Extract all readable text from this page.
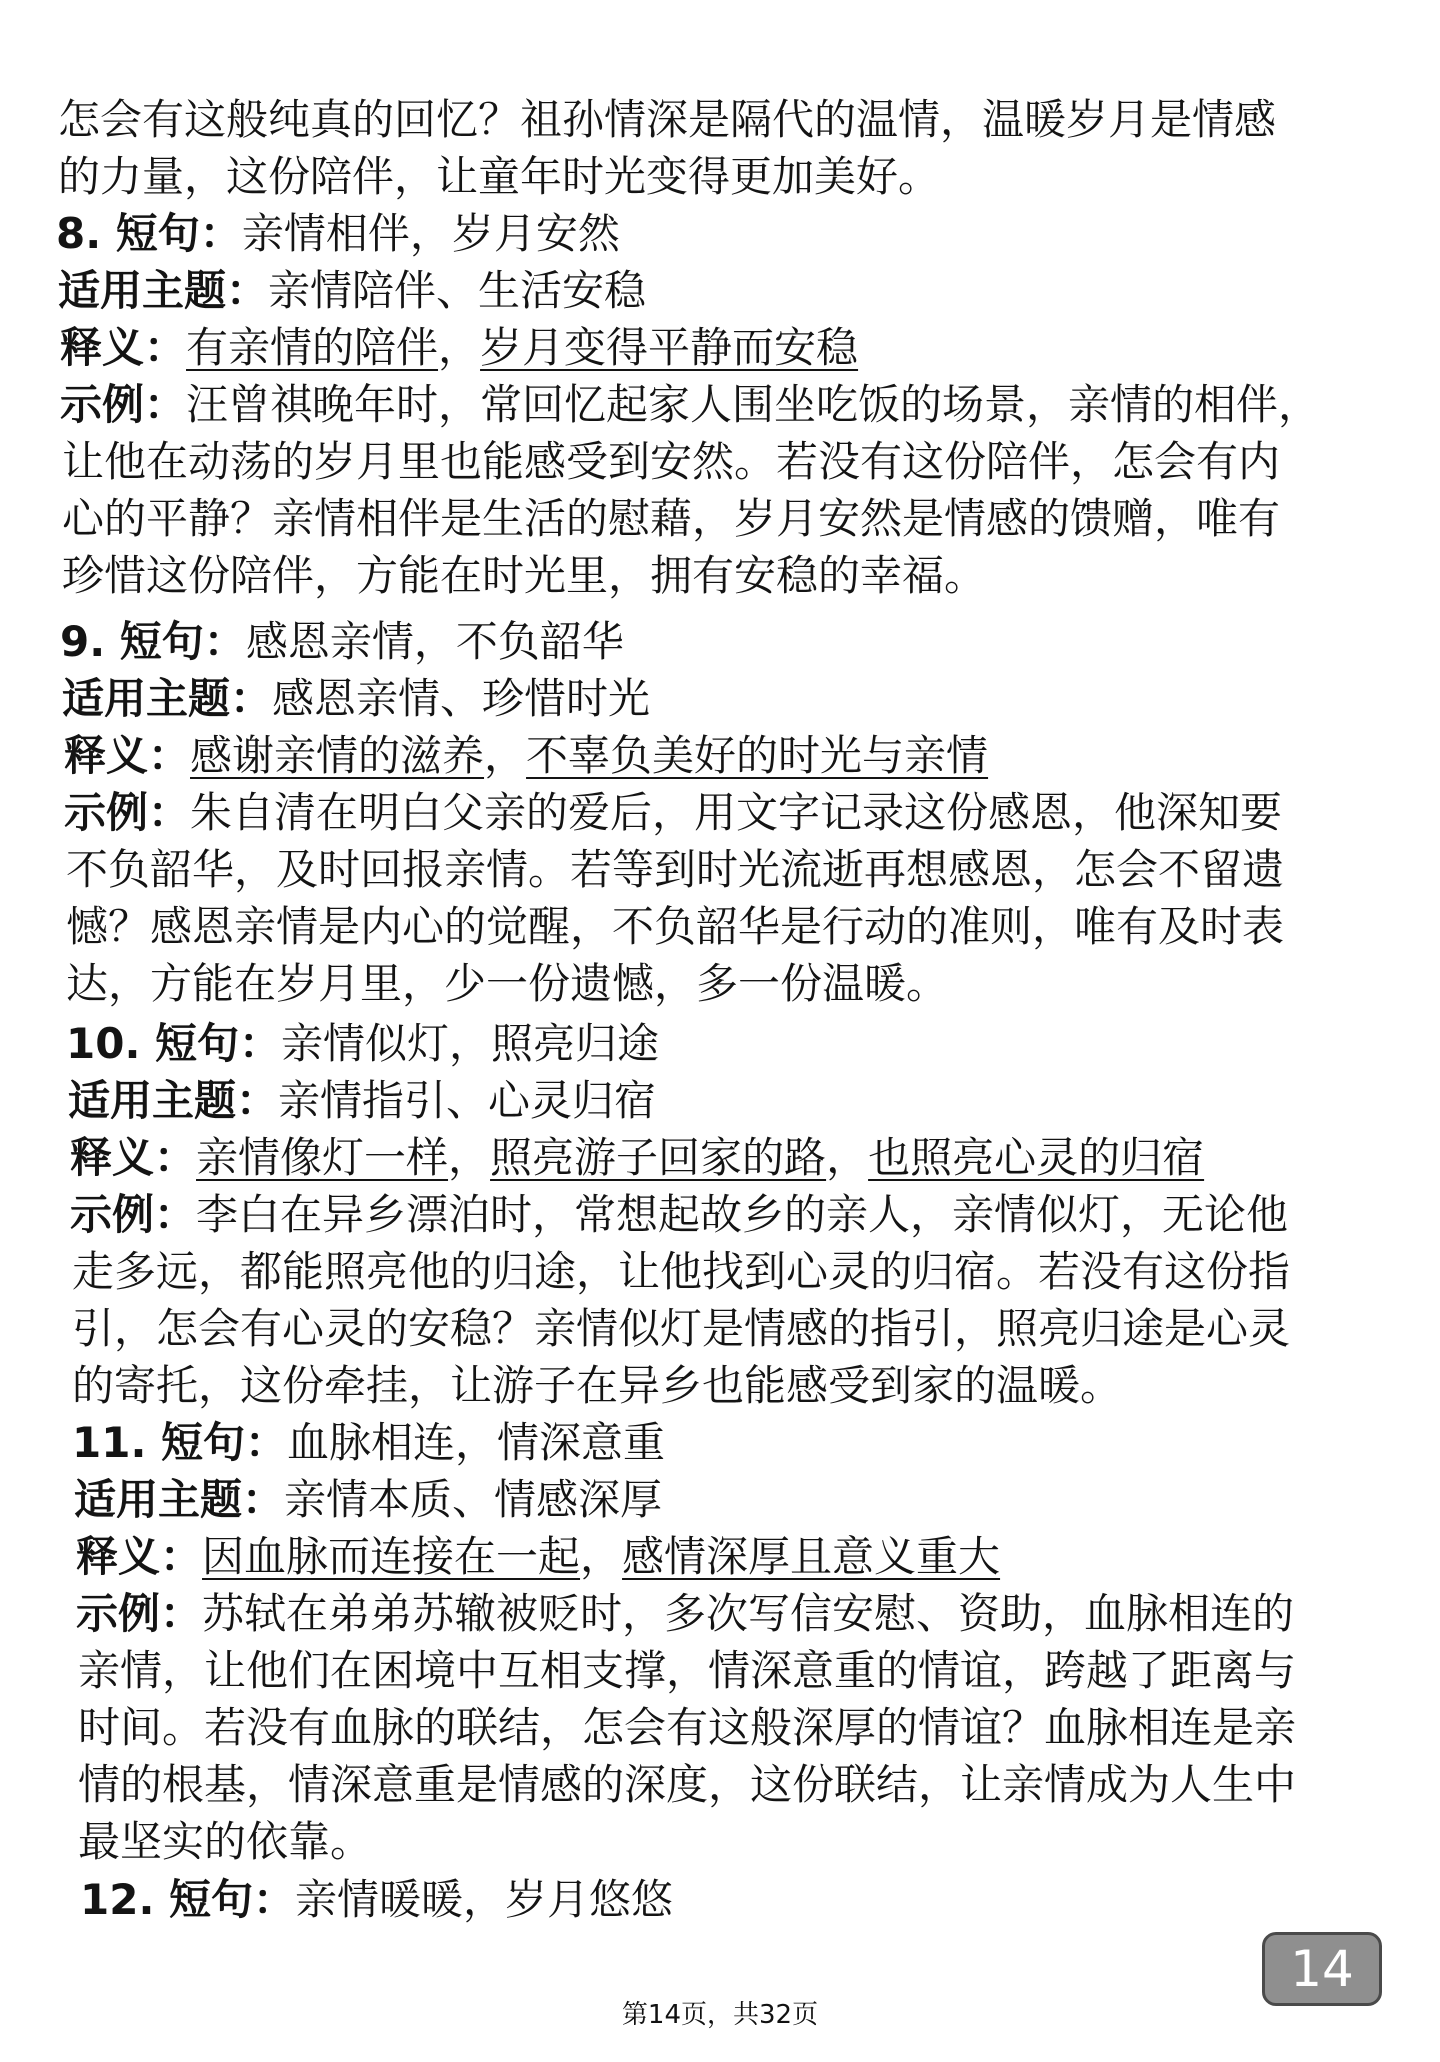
怎会有这般纯真的回忆？祖孙情深是隔代的温情，温暖岁月是情感
的力量，这份陪伴，让童年时光变得更加美好。
8. 短句：亲情相伴，岁月安然
适用主题：亲情陪伴、生活安稳
释义：有亲情的陪伴，岁月变得平静而安稳
示例：汪曾祺晚年时，常回忆起家人围坐吃饭的场景，亲情的相伴，
让他在动荡的岁月里也能感受到安然。若没有这份陪伴，怎会有内
心的平静？亲情相伴是生活的慰藉，岁月安然是情感的馈赠，唯有
珍惜这份陪伴，方能在时光里，拥有安稳的幸福。
9. 短句：感恩亲情，不负韶华
适用主题：感恩亲情、珍惜时光
释义：感谢亲情的滋养，不辜负美好的时光与亲情
示例：朱自清在明白父亲的爱后，用文字记录这份感恩，他深知要
不负韶华，及时回报亲情。若等到时光流逝再想感恩，怎会不留遗
憾？感恩亲情是内心的觉醒，不负韶华是行动的准则，唯有及时表
达，方能在岁月里，少一份遗憾，多一份温暖。
10. 短句：亲情似灯，照亮归途
适用主题：亲情指引、心灵归宿
释义：亲情像灯一样，照亮游子回家的路，也照亮心灵的归宿
示例：李白在异乡漂泊时，常想起故乡的亲人，亲情似灯，无论他
走多远，都能照亮他的归途，让他找到心灵的归宿。若没有这份指
引，怎会有心灵的安稳？亲情似灯是情感的指引，照亮归途是心灵
的寄托，这份牵挂，让游子在异乡也能感受到家的温暖。
11. 短句：血脉相连，情深意重
适用主题：亲情本质、情感深厚
释义：因血脉而连接在一起，感情深厚且意义重大
示例：苏轼在弟弟苏辙被贬时，多次写信安慰、资助，血脉相连的
亲情，让他们在困境中互相支撑，情深意重的情谊，跨越了距离与
时间。若没有血脉的联结，怎会有这般深厚的情谊？血脉相连是亲
情的根基，情深意重是情感的深度，这份联结，让亲情成为人生中
最坚实的依靠。
12. 短句：亲情暖暖，岁月悠悠
14
第14页，共32页
